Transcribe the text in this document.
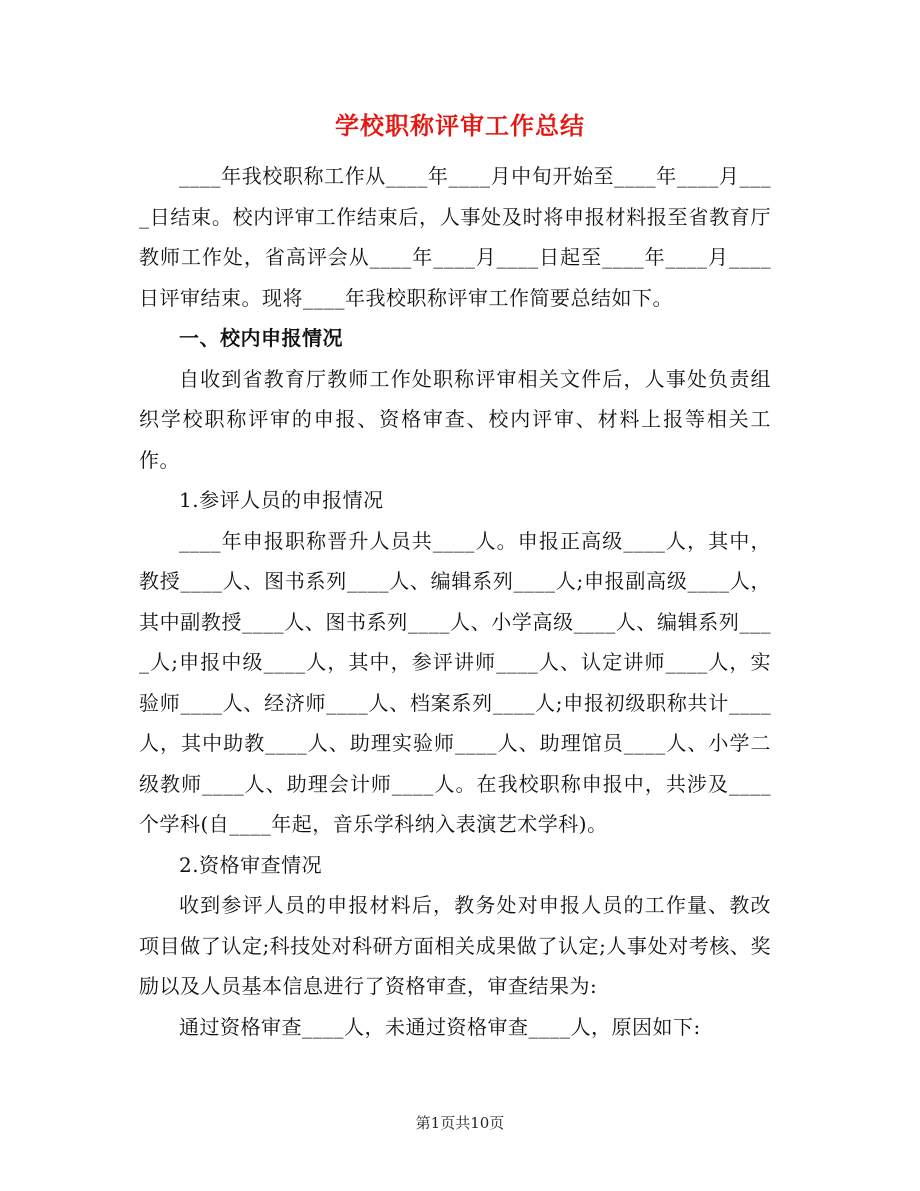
学校职称评审工作总结

____年我校职称工作从____年____月中旬开始至____年____月____日结束。校内评审工作结束后，人事处及时将申报材料报至省教育厅教师工作处，省高评会从____年____月____日起至____年____月____日评审结束。现将____年我校职称评审工作简要总结如下。

一、校内申报情况

自收到省教育厅教师工作处职称评审相关文件后，人事处负责组织学校职称评审的申报、资格审查、校内评审、材料上报等相关工作。

1.参评人员的申报情况

____年申报职称晋升人员共____人。申报正高级____人，其中，教授____人、图书系列____人、编辑系列____人;申报副高级____人，其中副教授____人、图书系列____人、小学高级____人、编辑系列____人;申报中级____人，其中，参评讲师____人、认定讲师____人，实验师____人、经济师____人、档案系列____人;申报初级职称共计____人，其中助教____人、助理实验师____人、助理馆员____人、小学二级教师____人、助理会计师____人。在我校职称申报中，共涉及____个学科(自____年起，音乐学科纳入表演艺术学科)。

2.资格审查情况

收到参评人员的申报材料后，教务处对申报人员的工作量、教改项目做了认定;科技处对科研方面相关成果做了认定;人事处对考核、奖励以及人员基本信息进行了资格审查，审查结果为:

通过资格审查____人，未通过资格审查____人，原因如下:

第1页共10页
